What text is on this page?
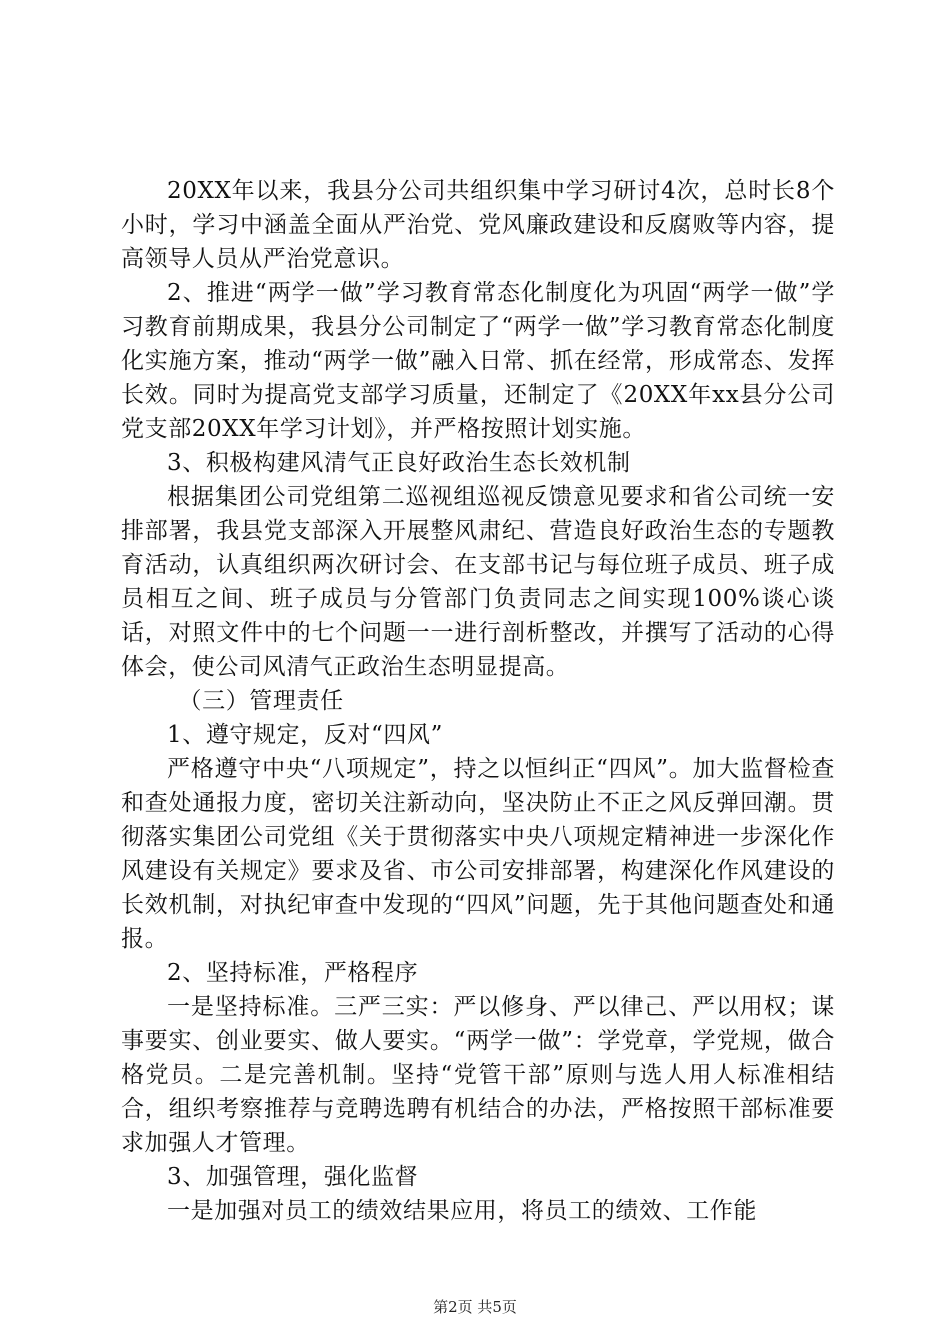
20XX年以来，我县分公司共组织集中学习研讨4次，总时长8个小时，学习中涵盖全面从严治党、党风廉政建设和反腐败等内容，提高领导人员从严治党意识。

2、推进“两学一做”学习教育常态化制度化为巩固“两学一做”学习教育前期成果，我县分公司制定了“两学一做”学习教育常态化制度化实施方案，推动“两学一做”融入日常、抓在经常，形成常态、发挥长效。同时为提高党支部学习质量，还制定了《20XX年xx县分公司党支部20XX年学习计划》，并严格按照计划实施。

3、积极构建风清气正良好政治生态长效机制

根据集团公司党组第二巡视组巡视反馈意见要求和省公司统一安排部署，我县党支部深入开展整风肃纪、营造良好政治生态的专题教育活动，认真组织两次研讨会、在支部书记与每位班子成员、班子成员相互之间、班子成员与分管部门负责同志之间实现100%谈心谈话，对照文件中的七个问题一一进行剖析整改，并撰写了活动的心得体会，使公司风清气正政治生态明显提高。

（三）管理责任

1、遵守规定，反对“四风”

严格遵守中央“八项规定”，持之以恒纠正“四风”。加大监督检查和查处通报力度，密切关注新动向，坚决防止不正之风反弹回潮。贯彻落实集团公司党组《关于贯彻落实中央八项规定精神进一步深化作风建设有关规定》要求及省、市公司安排部署，构建深化作风建设的长效机制，对执纪审查中发现的“四风”问题，先于其他问题查处和通报。

2、坚持标准，严格程序

一是坚持标准。三严三实：严以修身、严以律己、严以用权；谋事要实、创业要实、做人要实。“两学一做”：学党章，学党规，做合格党员。二是完善机制。坚持“党管干部”原则与选人用人标准相结合，组织考察推荐与竞聘选聘有机结合的办法，严格按照干部标准要求加强人才管理。

3、加强管理，强化监督

一是加强对员工的绩效结果应用，将员工的绩效、工作能

第2页 共5页
